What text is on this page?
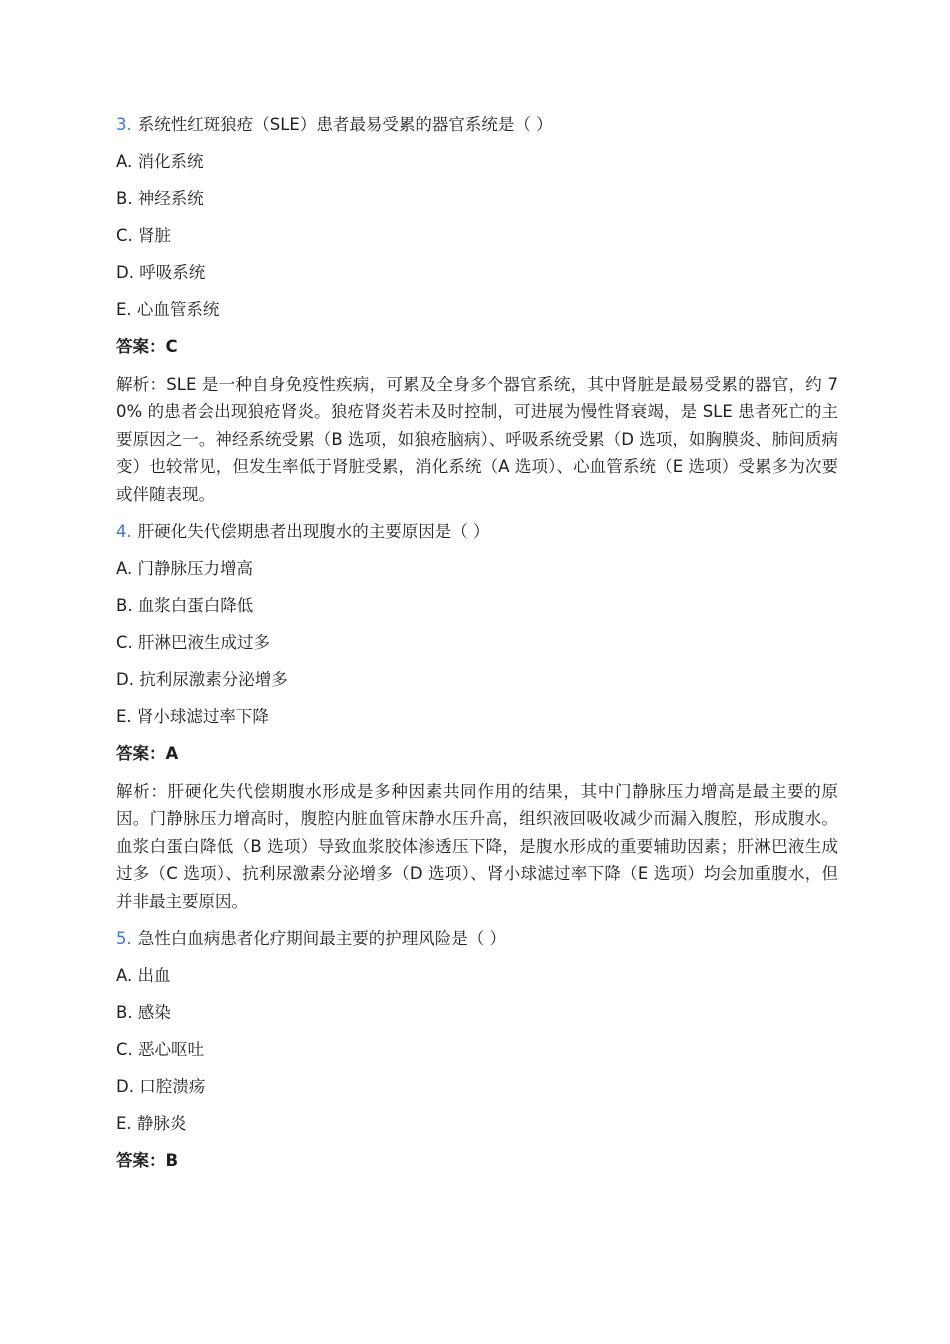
3. 系统性红斑狼疮（SLE）患者最易受累的器官系统是（ ）

A. 消化系统

B. 神经系统

C. 肾脏

D. 呼吸系统

E. 心血管系统

答案：C

解析：SLE 是一种自身免疫性疾病，可累及全身多个器官系统，其中肾脏是最易受累的器官，约 70% 的患者会出现狼疮肾炎。狼疮肾炎若未及时控制，可进展为慢性肾衰竭，是 SLE 患者死亡的主要原因之一。神经系统受累（B 选项，如狼疮脑病）、呼吸系统受累（D 选项，如胸膜炎、肺间质病变）也较常见，但发生率低于肾脏受累，消化系统（A 选项）、心血管系统（E 选项）受累多为次要或伴随表现。

4. 肝硬化失代偿期患者出现腹水的主要原因是（ ）

A. 门静脉压力增高

B. 血浆白蛋白降低

C. 肝淋巴液生成过多

D. 抗利尿激素分泌增多

E. 肾小球滤过率下降

答案：A

解析：肝硬化失代偿期腹水形成是多种因素共同作用的结果，其中门静脉压力增高是最主要的原因。门静脉压力增高时，腹腔内脏血管床静水压升高，组织液回吸收减少而漏入腹腔，形成腹水。血浆白蛋白降低（B 选项）导致血浆胶体渗透压下降，是腹水形成的重要辅助因素；肝淋巴液生成过多（C 选项）、抗利尿激素分泌增多（D 选项）、肾小球滤过率下降（E 选项）均会加重腹水，但并非最主要原因。

5. 急性白血病患者化疗期间最主要的护理风险是（ ）

A. 出血

B. 感染

C. 恶心呕吐

D. 口腔溃疡

E. 静脉炎

答案：B
